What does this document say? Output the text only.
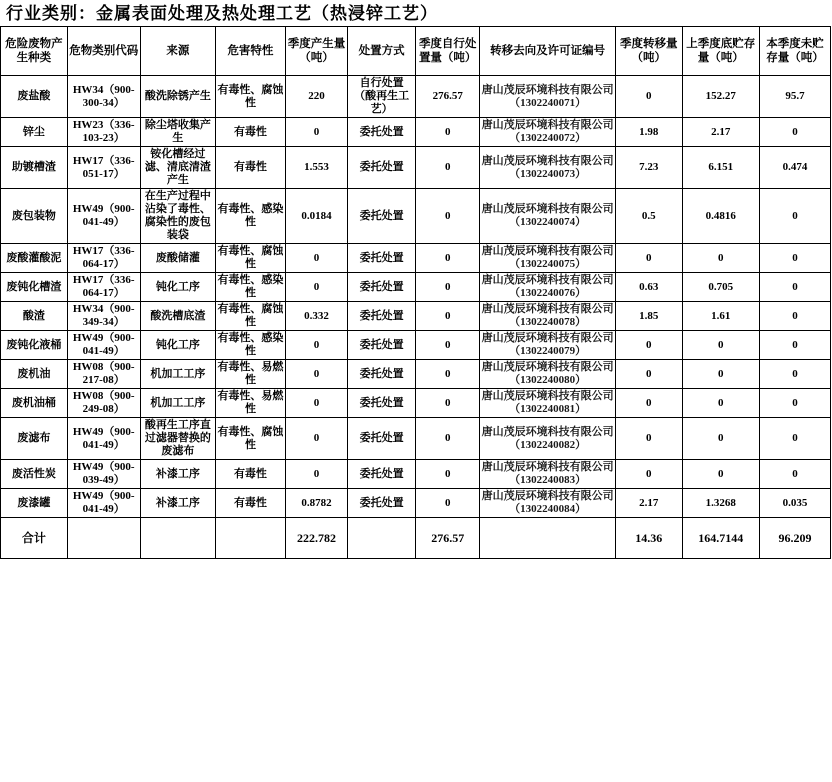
行业类别：金属表面处理及热处理工艺（热浸锌工艺）
危险废物产生种类	危物类别代码	来源	危害特性	季度产生量（吨）	处置方式	季度自行处置量（吨）	转移去向及许可证编号	季度转移量（吨）	上季度底贮存量（吨）	本季度未贮存量（吨）
废盐酸	HW34（900-300-34）	酸洗除锈产生	有毒性、腐蚀性	220	自行处置（酸再生工艺）	276.57	唐山茂辰环境科技有限公司（1302240071）	0	152.27	95.7
锌尘	HW23（336-103-23）	除尘塔收集产生	有毒性	0	委托处置	0	唐山茂辰环境科技有限公司（1302240072）	1.98	2.17	0
助镀槽渣	HW17（336-051-17）	铵化槽经过滤、清底清渣产生	有毒性	1.553	委托处置	0	唐山茂辰环境科技有限公司（1302240073）	7.23	6.151	0.474
废包装物	HW49（900-041-49）	在生产过程中沾染了毒性、腐染性的废包装袋	有毒性、感染性	0.0184	委托处置	0	唐山茂辰环境科技有限公司（1302240074）	0.5	0.4816	0
废酸灌酸泥	HW17（336-064-17）	废酸储灌	有毒性、腐蚀性	0	委托处置	0	唐山茂辰环境科技有限公司（1302240075）	0	0	0
废钝化槽渣	HW17（336-064-17）	钝化工序	有毒性、感染性	0	委托处置	0	唐山茂辰环境科技有限公司（1302240076）	0.63	0.705	0
酸渣	HW34（900-349-34）	酸洗槽底渣	有毒性、腐蚀性	0.332	委托处置	0	唐山茂辰环境科技有限公司（1302240078）	1.85	1.61	0
废钝化液桶	HW49（900-041-49）	钝化工序	有毒性、感染性	0	委托处置	0	唐山茂辰环境科技有限公司（1302240079）	0	0	0
废机油	HW08（900-217-08）	机加工工序	有毒性、易燃性	0	委托处置	0	唐山茂辰环境科技有限公司（1302240080）	0	0	0
废机油桶	HW08（900-249-08）	机加工工序	有毒性、易燃性	0	委托处置	0	唐山茂辰环境科技有限公司（1302240081）	0	0	0
废滤布	HW49（900-041-49）	酸再生工序直过滤器替换的废滤布	有毒性、腐蚀性	0	委托处置	0	唐山茂辰环境科技有限公司（1302240082）	0	0	0
废活性炭	HW49（900-039-49）	补漆工序	有毒性	0	委托处置	0	唐山茂辰环境科技有限公司（1302240083）	0	0	0
废漆罐	HW49（900-041-49）	补漆工序	有毒性	0.8782	委托处置	0	唐山茂辰环境科技有限公司（1302240084）	2.17	1.3268	0.035
合计				222.782		276.57		14.36	164.7144	96.209
